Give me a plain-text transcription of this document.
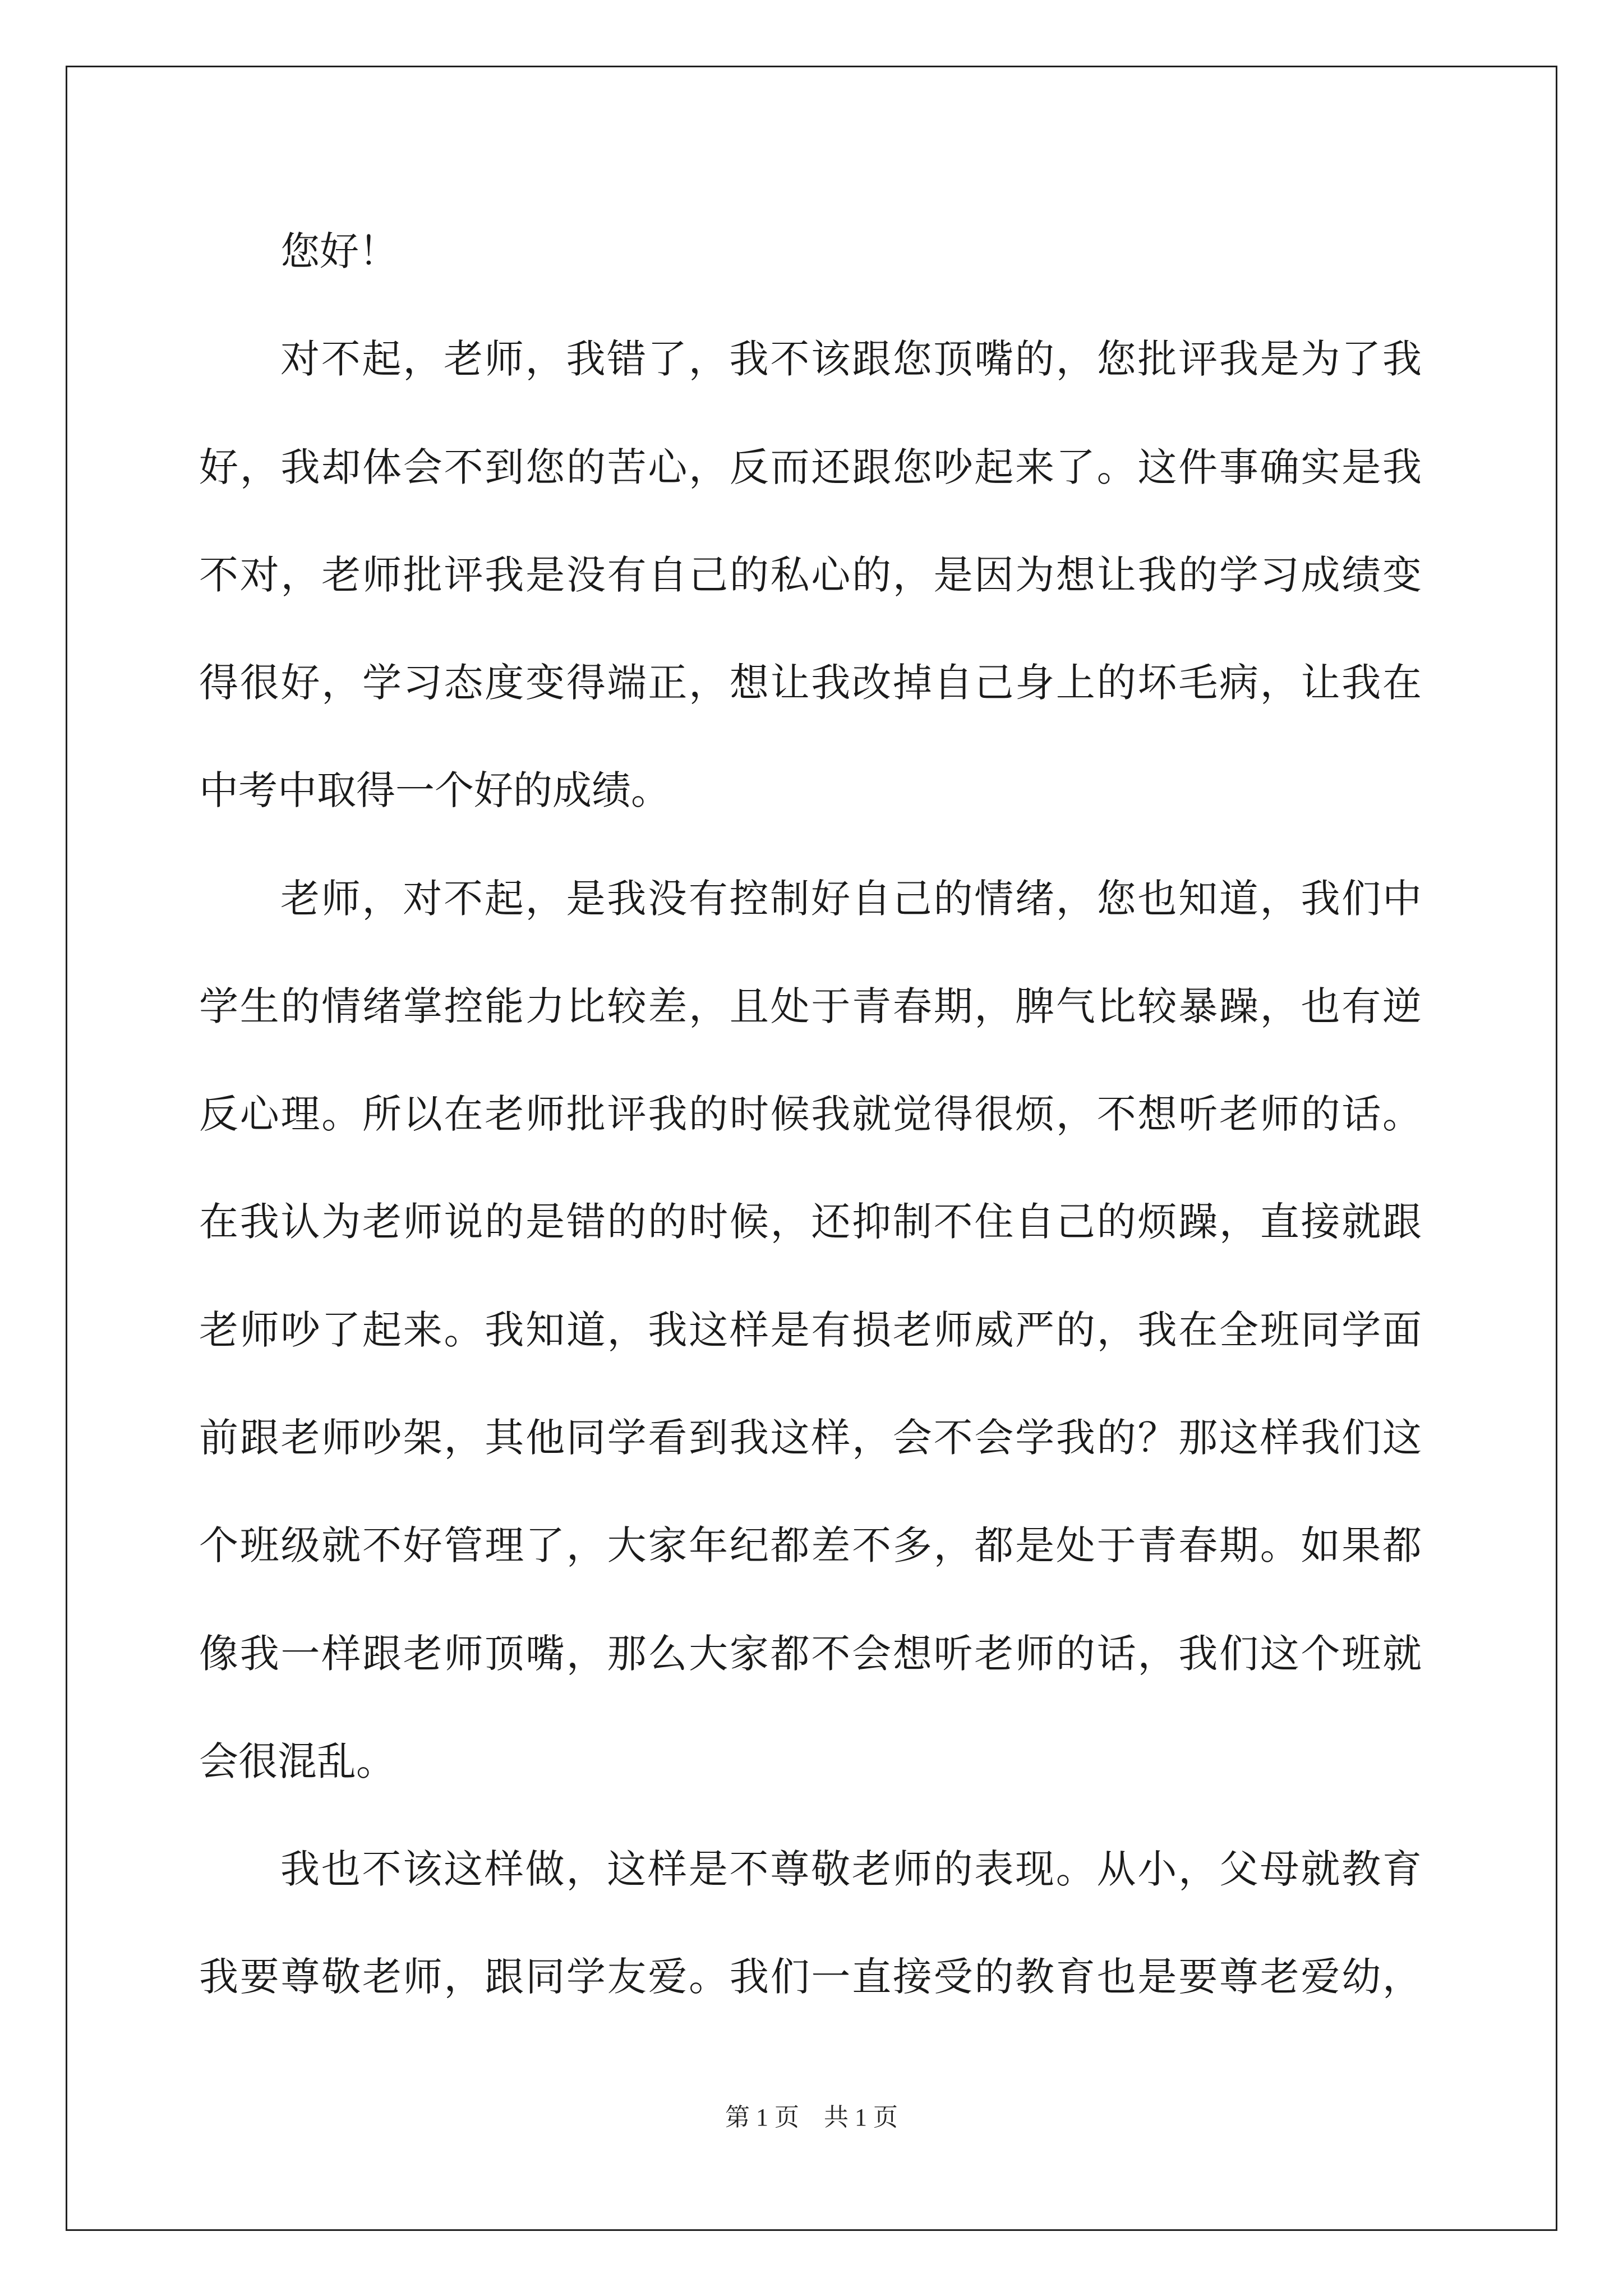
您好！
对不起，老师，我错了，我不该跟您顶嘴的，您批评我是为了我
好，我却体会不到您的苦心，反而还跟您吵起来了。这件事确实是我
不对，老师批评我是没有自己的私心的，是因为想让我的学习成绩变
得很好，学习态度变得端正，想让我改掉自己身上的坏毛病，让我在
中考中取得一个好的成绩。
老师，对不起，是我没有控制好自己的情绪，您也知道，我们中
学生的情绪掌控能力比较差，且处于青春期，脾气比较暴躁，也有逆
反心理。所以在老师批评我的时候我就觉得很烦，不想听老师的话。
在我认为老师说的是错的的时候，还抑制不住自己的烦躁，直接就跟
老师吵了起来。我知道，我这样是有损老师威严的，我在全班同学面
前跟老师吵架，其他同学看到我这样，会不会学我的？那这样我们这
个班级就不好管理了，大家年纪都差不多，都是处于青春期。如果都
像我一样跟老师顶嘴，那么大家都不会想听老师的话，我们这个班就
会很混乱。
我也不该这样做，这样是不尊敬老师的表现。从小，父母就教育
我要尊敬老师，跟同学友爱。我们一直接受的教育也是要尊老爱幼，
第 1 页　共 1 页
